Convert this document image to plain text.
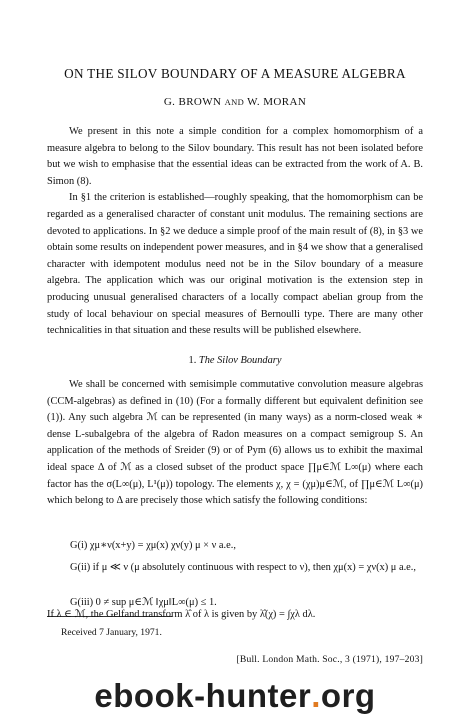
ON THE SILOV BOUNDARY OF A MEASURE ALGEBRA
G. BROWN AND W. MORAN

We present in this note a simple condition for a complex homomorphism of a measure algebra to belong to the Silov boundary. This result has not been isolated before but we wish to emphasise that the essential ideas can be extracted from the work of A. B. Simon (8).

In §1 the criterion is established—roughly speaking, that the homomorphism can be regarded as a generalised character of constant unit modulus. The remaining sections are devoted to applications. In §2 we deduce a simple proof of the main result of (8), in §3 we obtain some results on independent power measures, and in §4 we show that a generalised character with idempotent modulus need not be in the Silov boundary of a measure algebra. The application which was our original motivation is the extension step in producing unusual generalised characters of a locally compact abelian group from the study of local behaviour on special measures of Bernoulli type. There are many other technicalities in that situation and these results will be published elsewhere.

1. The Silov Boundary

We shall be concerned with semisimple commutative convolution measure algebras (CCM-algebras) as defined in (10) (For a formally different but equivalent definition see (1)). Any such algebra ℳ can be represented (in many ways) as a norm-closed weak ∗ dense L-subalgebra of the algebra of Radon measures on a compact semigroup S. An application of the methods of Sreider (9) or of Pym (6) allows us to exhibit the maximal ideal space Δ of ℳ as a closed subset of the product space ∏μ∈ℳ L∞(μ) where each factor has the σ(L∞(μ), L¹(μ)) topology. The elements χ, χ = (χμ)μ∈ℳ, of ∏μ∈ℳ L∞(μ) which belong to Δ are precisely those which satisfy the following conditions:

G(i) χμ∗ν(x+y) = χμ(x) χν(y) μ × ν a.e.,
G(ii) if μ ≪ ν (μ absolutely continuous with respect to ν), then χμ(x) = χν(x) μ a.e.,
G(iii) 0 ≠ sup μ∈ℳ ‖χμ‖L∞(μ) ≤ 1.
Received 7 January, 1971.
[Bull. London Math. Soc., 3 (1971), 197–203]
ebook -hunter . org
If λ ∈ ℳ, the Gelfand transform λ̂ of λ is given by λ̂(χ) = ∫χλ dλ.
